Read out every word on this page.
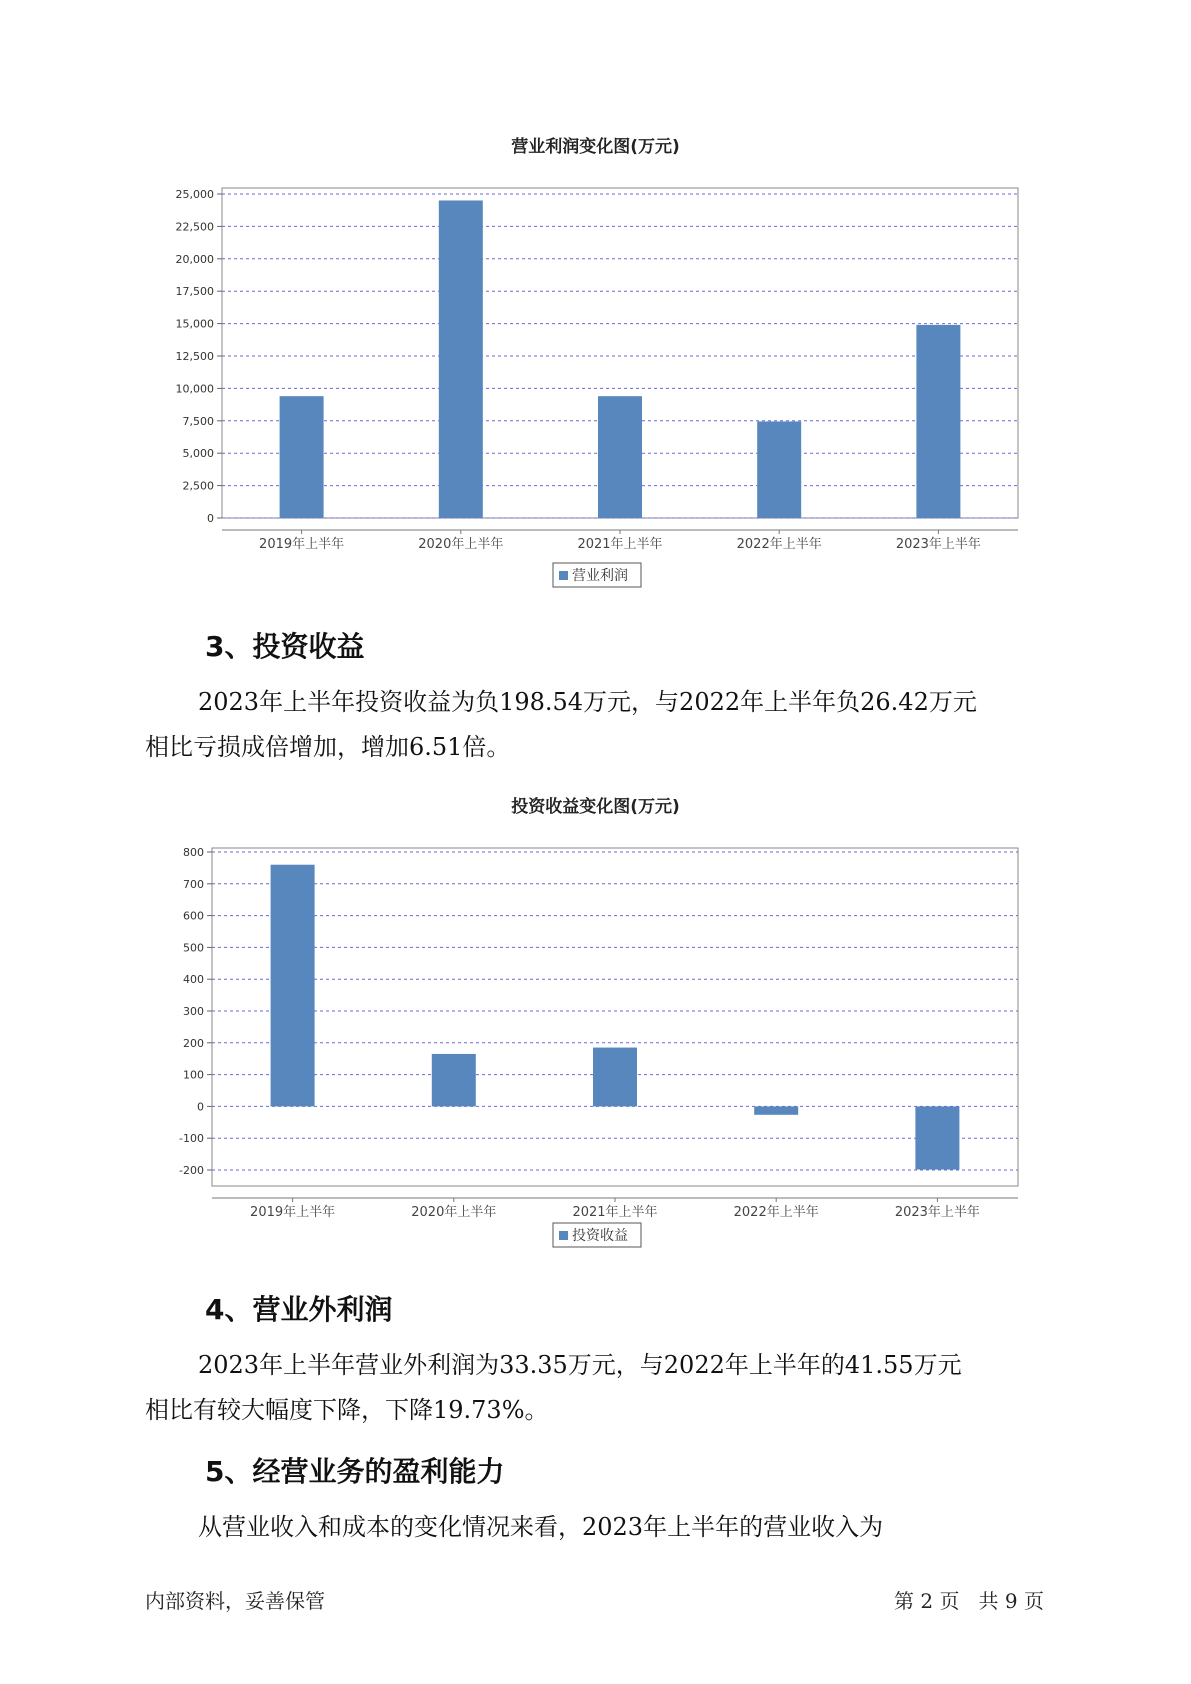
营业利润变化图(万元)
0
2,500
5,000
7,500
10,000
12,500
15,000
17,500
20,000
22,500
25,000
2019年上半年	2020年上半年	2021年上半年	2022年上半年	2023年上半年
营业利润
3、投资收益
2023年上半年投资收益为负198.54万元，与2022年上半年负26.42万元
相比亏损成倍增加，增加6.51倍。
投资收益变化图(万元)
-200
-100
0
100
200
300
400
500
600
700
800
2019年上半年	2020年上半年	2021年上半年	2022年上半年	2023年上半年
投资收益
4、营业外利润
2023年上半年营业外利润为33.35万元，与2022年上半年的41.55万元
相比有较大幅度下降，下降19.73%。
5、经营业务的盈利能力
从营业收入和成本的变化情况来看，2023年上半年的营业收入为
内部资料，妥善保管	第 2 页   共 9 页
